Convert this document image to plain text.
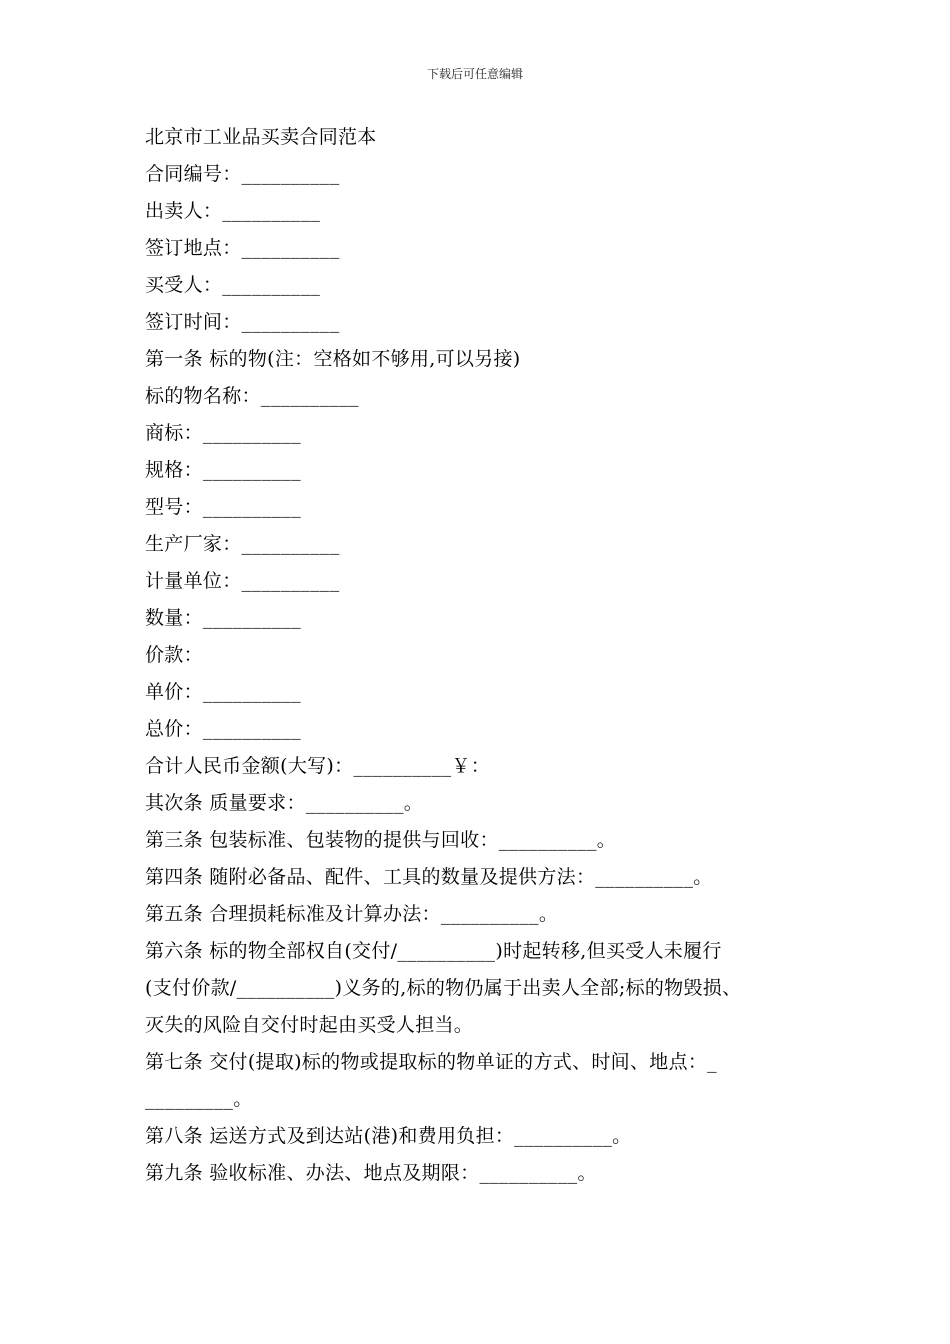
下载后可任意编辑
北京市工业品买卖合同范本
合同编号：__________
出卖人：__________
签订地点：__________
买受人：__________
签订时间：__________
第一条 标的物(注：空格如不够用,可以另接)
标的物名称：__________
商标：__________
规格：__________
型号：__________
生产厂家：__________
计量单位：__________
数量：__________
价款：
单价：__________
总价：__________
合计人民币金额(大写)：__________￥：
其次条 质量要求：__________。
第三条 包装标准、包装物的提供与回收：__________。
第四条 随附必备品、配件、工具的数量及提供方法：__________。
第五条 合理损耗标准及计算办法：__________。
第六条 标的物全部权自(交付/__________)时起转移,但买受人未履行
(支付价款/__________)义务的,标的物仍属于出卖人全部;标的物毁损、
灭失的风险自交付时起由买受人担当。
第七条 交付(提取)标的物或提取标的物单证的方式、时间、地点：_
_________。
第八条 运送方式及到达站(港)和费用负担：__________。
第九条 验收标准、办法、地点及期限：__________。
